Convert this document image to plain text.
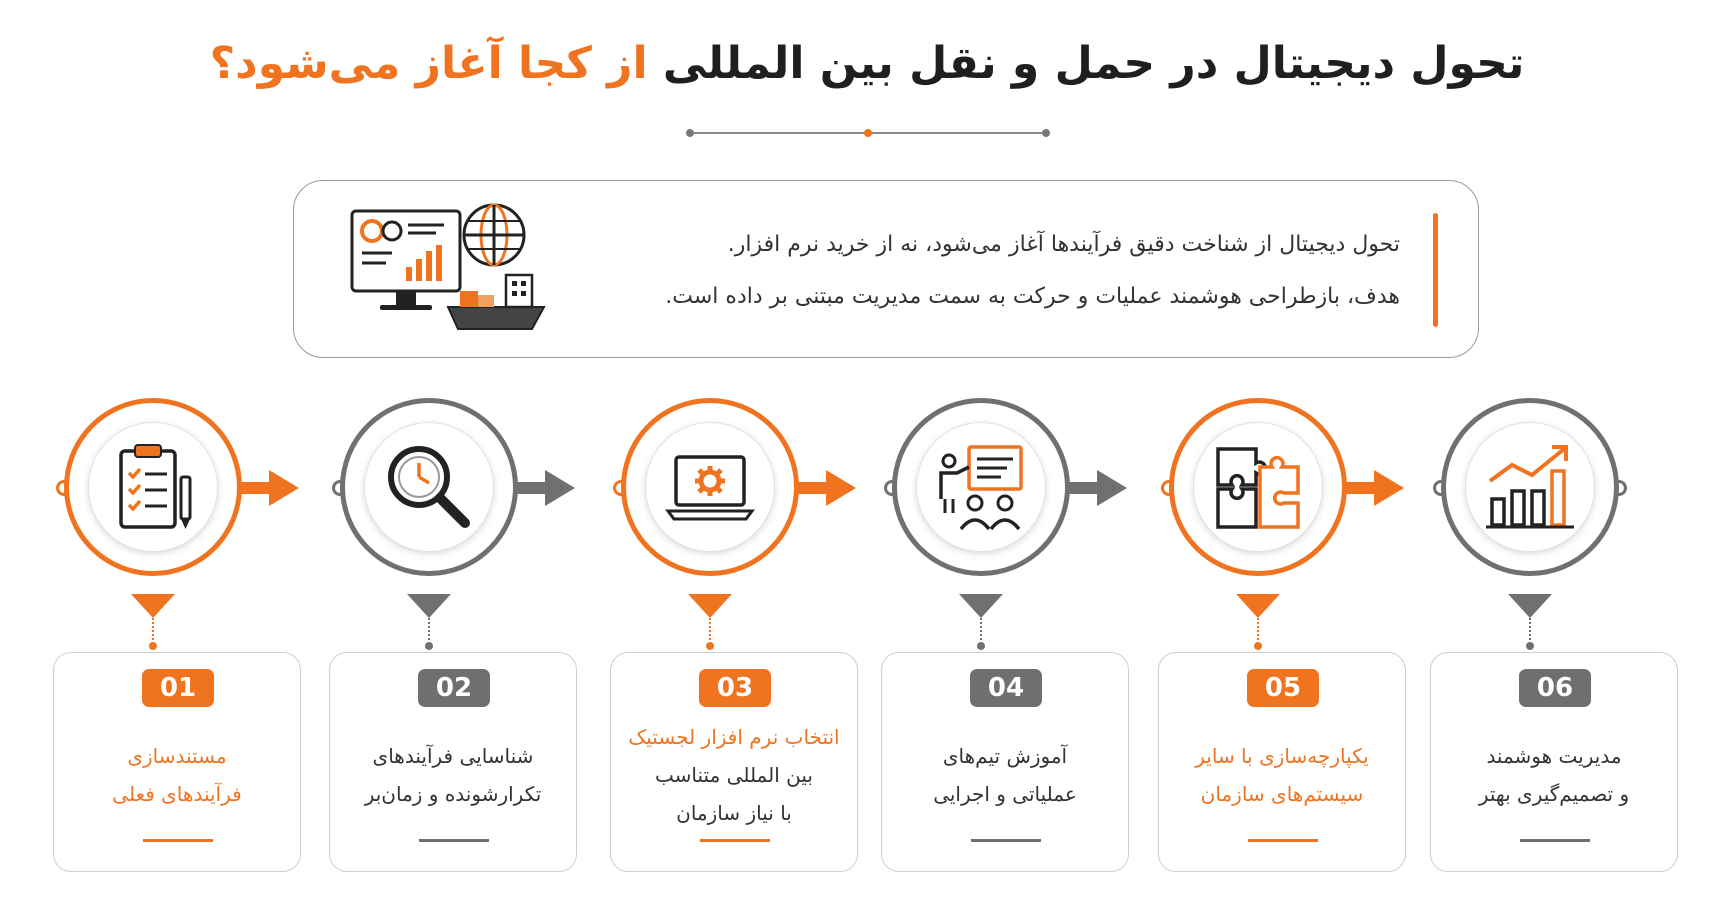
تحول دیجیتال در حمل و نقل بین المللی از کجا آغاز می‌شود؟
تحول دیجیتال از شناخت دقیق فرآیندها آغاز می‌شود، نه از خرید نرم افزار.
هدف، بازطراحی هوشمند عملیات و حرکت به سمت مدیریت مبتنی بر داده است.
01
مستندسازی
فرآیندهای فعلی
02
شناسایی فرآیندهای
تکرارشونده و زمان‌بر
03
انتخاب نرم افزار لجستیک
بین المللی متناسب
با نیاز سازمان
04
آموزش تیم‌های
عملیاتی و اجرایی
05
یکپارچه‌سازی با سایر
سیستم‌های سازمان
06
مدیریت هوشمند
و تصمیم‌گیری بهتر
